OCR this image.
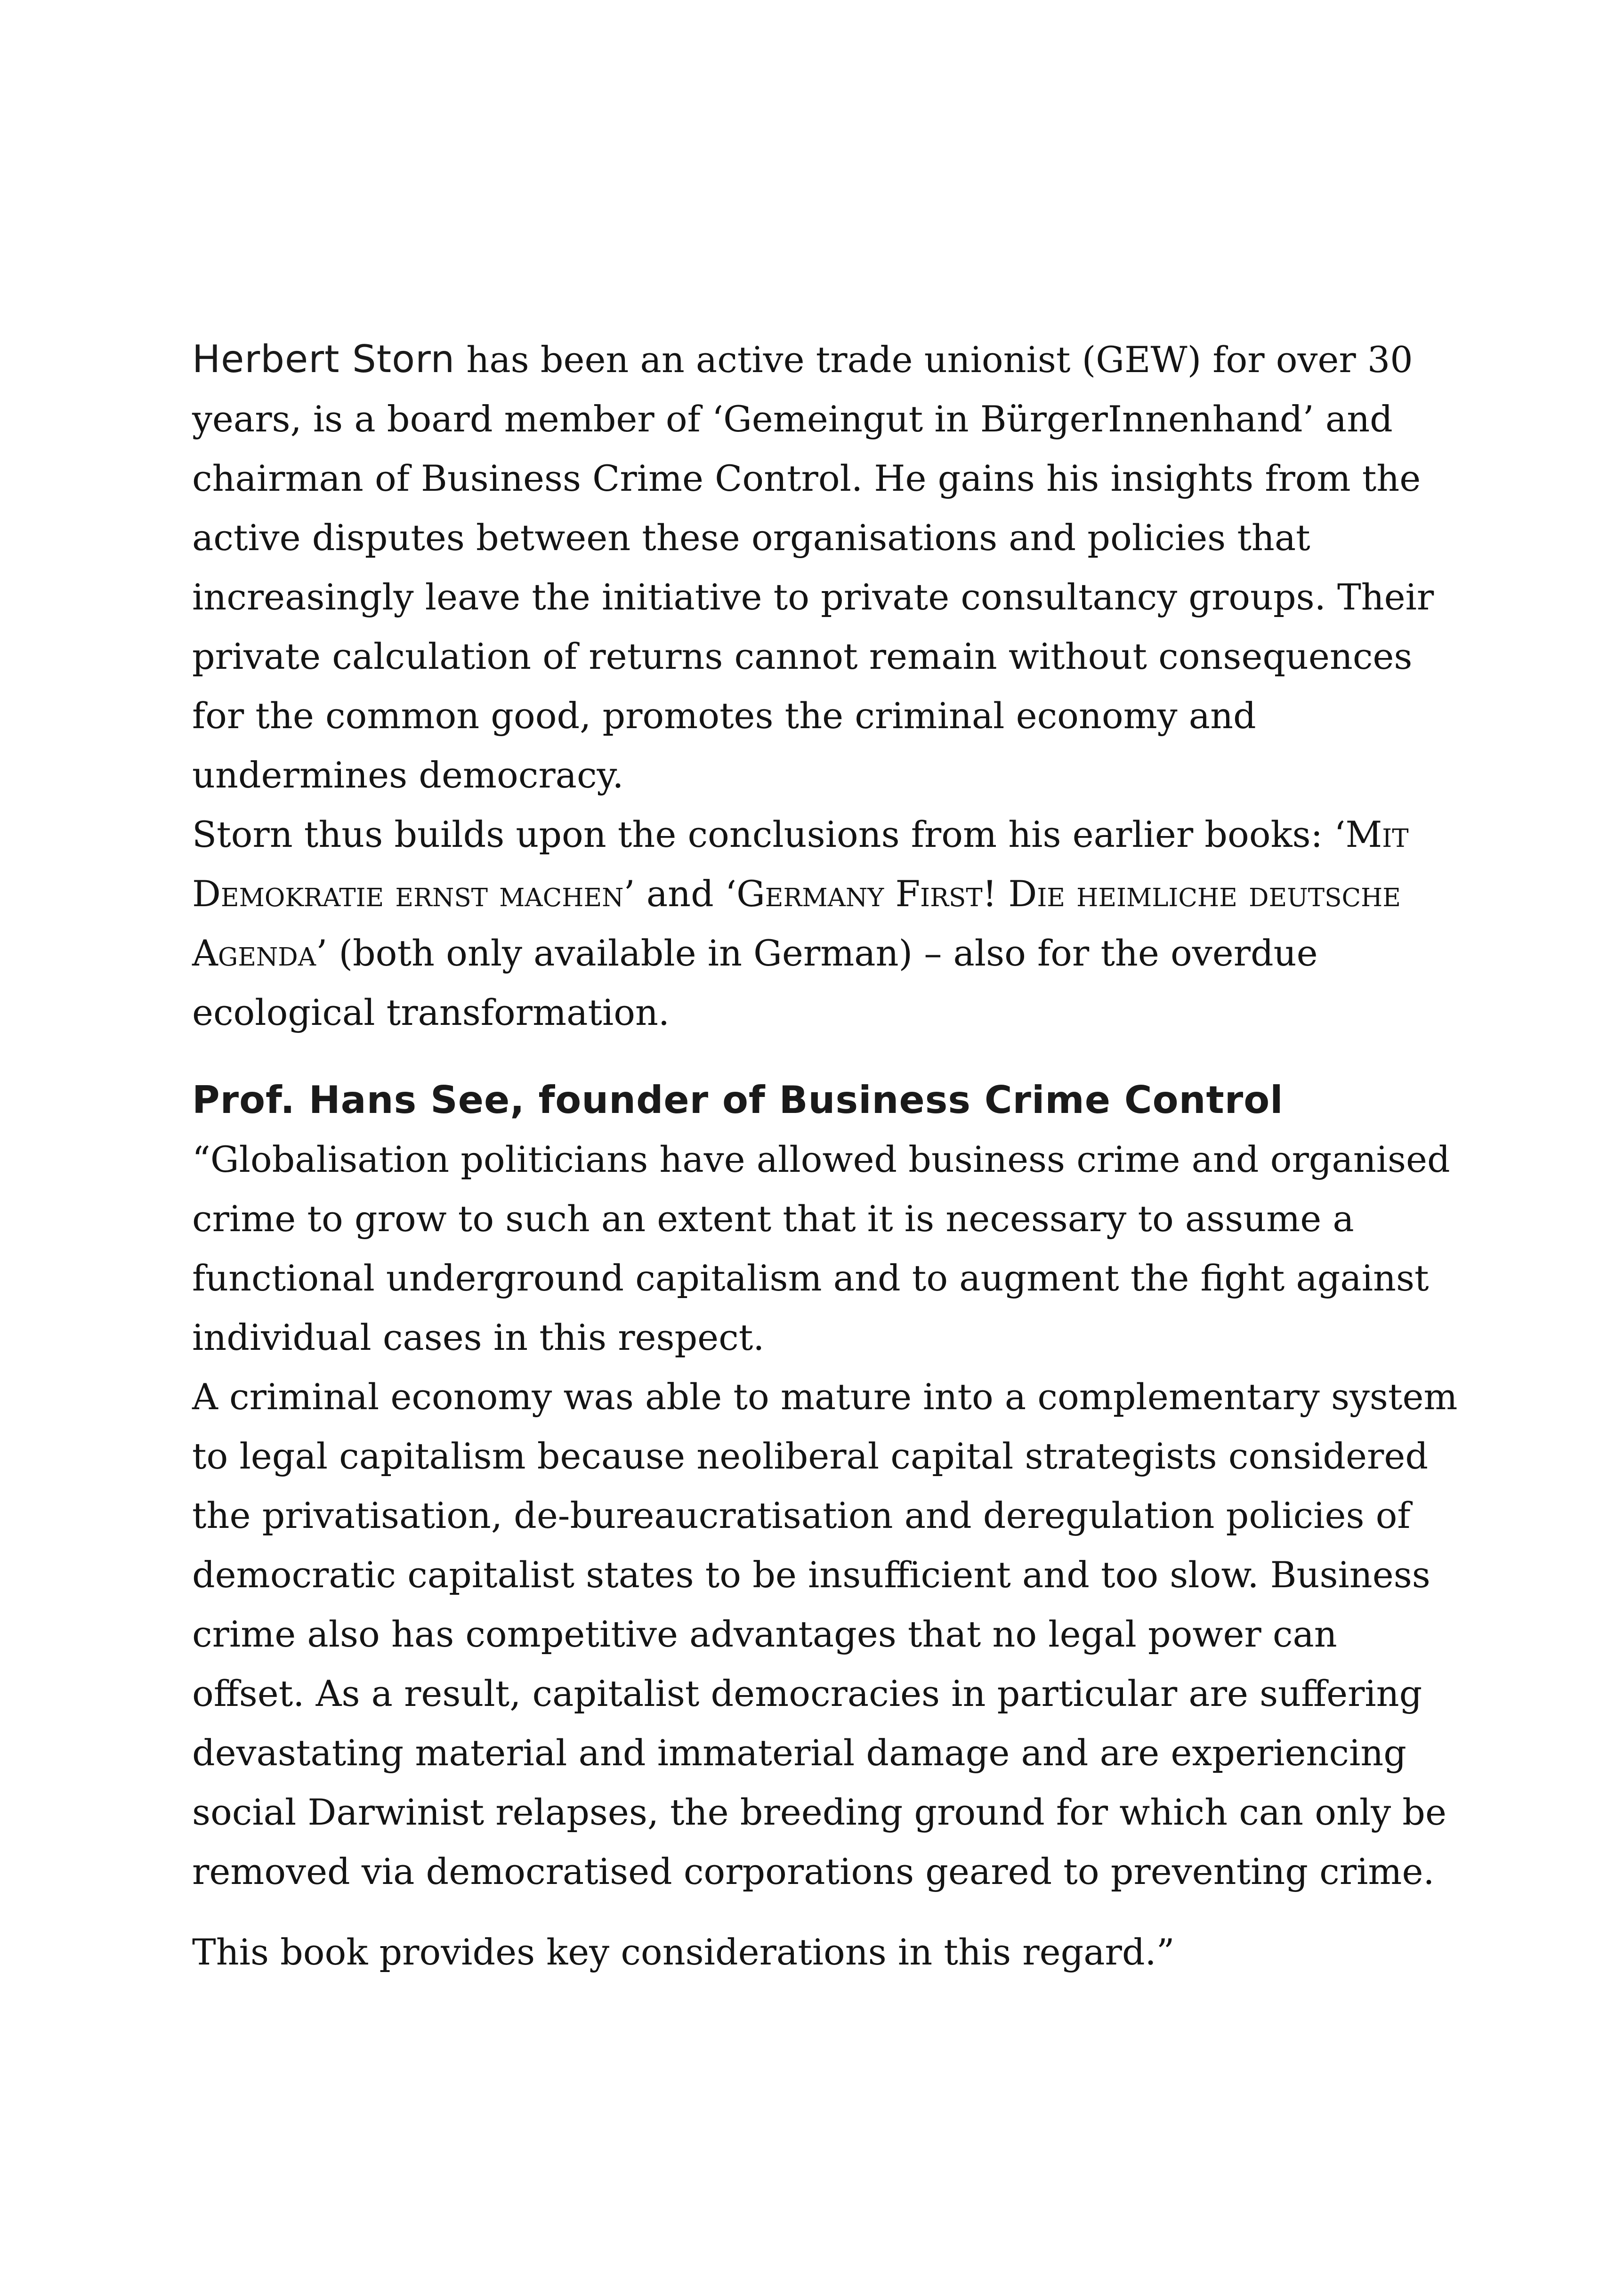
Herbert Storn has been an active trade unionist (GEW) for over 30 years, is a board member of ‘Gemeingut in BürgerInnenhand’ and chairman of Business Crime Control. He gains his insights from the active disputes between these organisations and policies that increasingly leave the initiative to private consultancy groups. Their private calculation of returns cannot remain without consequences for the common good, promotes the criminal economy and undermines democracy.

Storn thus builds upon the conclusions from his earlier books: ‘Mit Demokratie ernst machen’ and ‘Germany First! Die heimliche deutsche Agenda’ (both only available in German) – also for the overdue ecological transformation.

Prof. Hans See, founder of Business Crime Control

“Globalisation politicians have allowed business crime and organised crime to grow to such an extent that it is necessary to assume a functional underground capitalism and to augment the fight against individual cases in this respect.

A criminal economy was able to mature into a complementary system to legal capitalism because neoliberal capital strategists considered the privatisation, de-bureaucratisation and deregulation policies of democratic capitalist states to be insufficient and too slow. Business crime also has competitive advantages that no legal power can offset. As a result, capitalist democracies in particular are suffering devastating material and immaterial damage and are experiencing social Darwinist relapses, the breeding ground for which can only be removed via democratised corporations geared to preventing crime.

This book provides key considerations in this regard.”
